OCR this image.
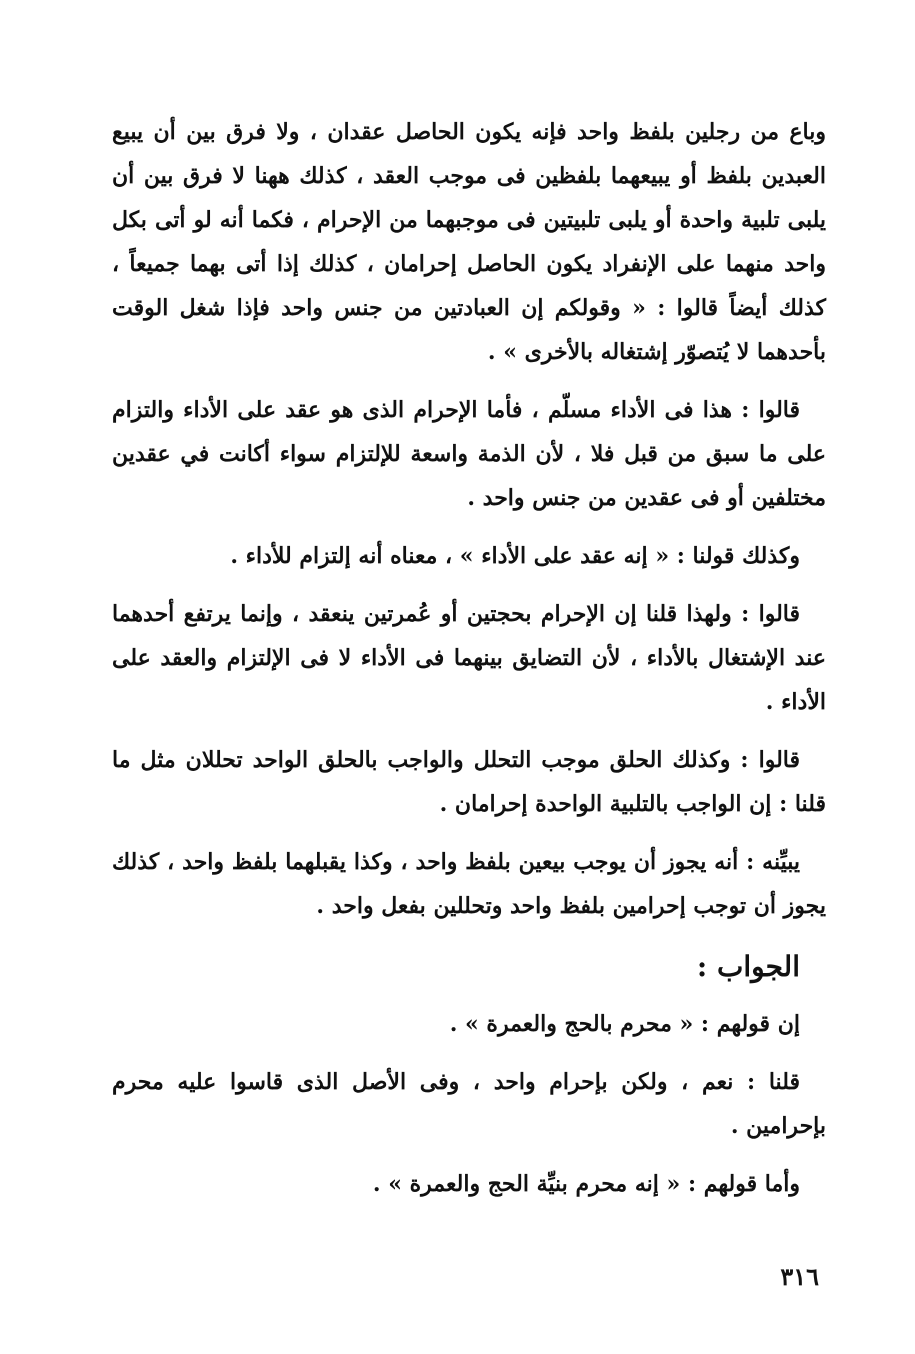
وباع من رجلين بلفظ واحد فإنه يكون الحاصل عقدان ، ولا فرق بين أن يبيع العبدين بلفظ أو يبيعهما بلفظين فى موجب العقد ، كذلك ههنا لا فرق بين أن يلبى تلبية واحدة أو يلبى تلبيتين فى موجبهما من الإحرام ، فكما أنه لو أتى بكل واحد منهما على الإنفراد يكون الحاصل إحرامان ، كذلك إذا أتى بهما جميعاً ، كذلك أيضاً قالوا : « وقولكم إن العبادتين من جنس واحد فإذا شغل الوقت بأحدهما لا يُتصوّر إشتغاله بالأخرى » .

قالوا : هذا فى الأداء مسلّم ، فأما الإحرام الذى هو عقد على الأداء والتزام على ما سبق من قبل فلا ، لأن الذمة واسعة للإلتزام سواء أكانت في عقدين مختلفين أو فى عقدين من جنس واحد .

وكذلك قولنا : « إنه عقد على الأداء » ، معناه أنه إلتزام للأداء .

قالوا : ولهذا قلنا إن الإحرام بحجتين أو عُمرتين ينعقد ، وإنما يرتفع أحدهما عند الإشتغال بالأداء ، لأن التضايق بينهما فى الأداء لا فى الإلتزام والعقد على الأداء .

قالوا : وكذلك الحلق موجب التحلل والواجب بالحلق الواحد تحللان مثل ما قلنا : إن الواجب بالتلبية الواحدة إحرامان .

يبيِّنه : أنه يجوز أن يوجب بيعين بلفظ واحد ، وكذا يقبلهما بلفظ واحد ، كذلك يجوز أن توجب إحرامين بلفظ واحد وتحللين بفعل واحد .

الجواب :

إن قولهم : « محرم بالحج والعمرة » .

قلنا : نعم ، ولكن بإحرام واحد ، وفى الأصل الذى قاسوا عليه محرم بإحرامين .

وأما قولهم : « إنه محرم بنيِّة الحج والعمرة » .

٣١٦
